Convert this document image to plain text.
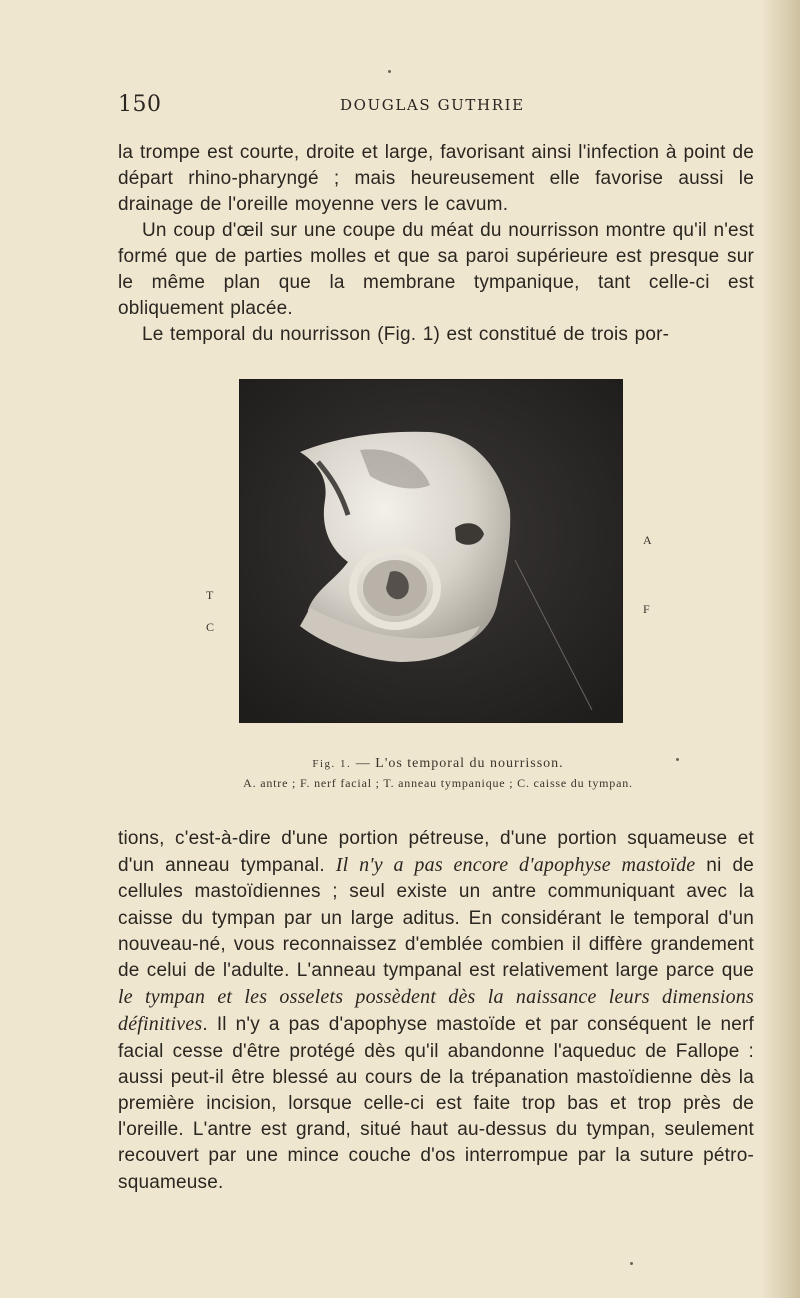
150	DOUGLAS GUTHRIE

la trompe est courte, droite et large, favorisant ainsi l'infection à point de départ rhino-pharyngé ; mais heureusement elle favorise aussi le drainage de l'oreille moyenne vers le cavum.

Un coup d'œil sur une coupe du méat du nourrisson montre qu'il n'est formé que de parties molles et que sa paroi supérieure est presque sur le même plan que la membrane tympanique, tant celle-ci est obliquement placée.

Le temporal du nourrisson (Fig. 1) est constitué de trois por-

A
F
T
C
Fig. 1. — L'os temporal du nourrisson.
A. antre ; F. nerf facial ; T. anneau tympanique ; C. caisse du tympan.

tions, c'est-à-dire d'une portion pétreuse, d'une portion squameuse et d'un anneau tympanal. Il n'y a pas encore d'apophyse mastoïde ni de cellules mastoïdiennes ; seul existe un antre communiquant avec la caisse du tympan par un large aditus. En considérant le temporal d'un nouveau-né, vous reconnaissez d'emblée combien il diffère grandement de celui de l'adulte. L'anneau tympanal est relativement large parce que le tympan et les osselets possèdent dès la naissance leurs dimensions définitives. Il n'y a pas d'apophyse mastoïde et par conséquent le nerf facial cesse d'être protégé dès qu'il abandonne l'aqueduc de Fallope : aussi peut-il être blessé au cours de la trépanation mastoïdienne dès la première incision, lorsque celle-ci est faite trop bas et trop près de l'oreille. L'antre est grand, situé haut au-dessus du tympan, seulement recouvert par une mince couche d'os interrompue par la suture pétro-squameuse.
